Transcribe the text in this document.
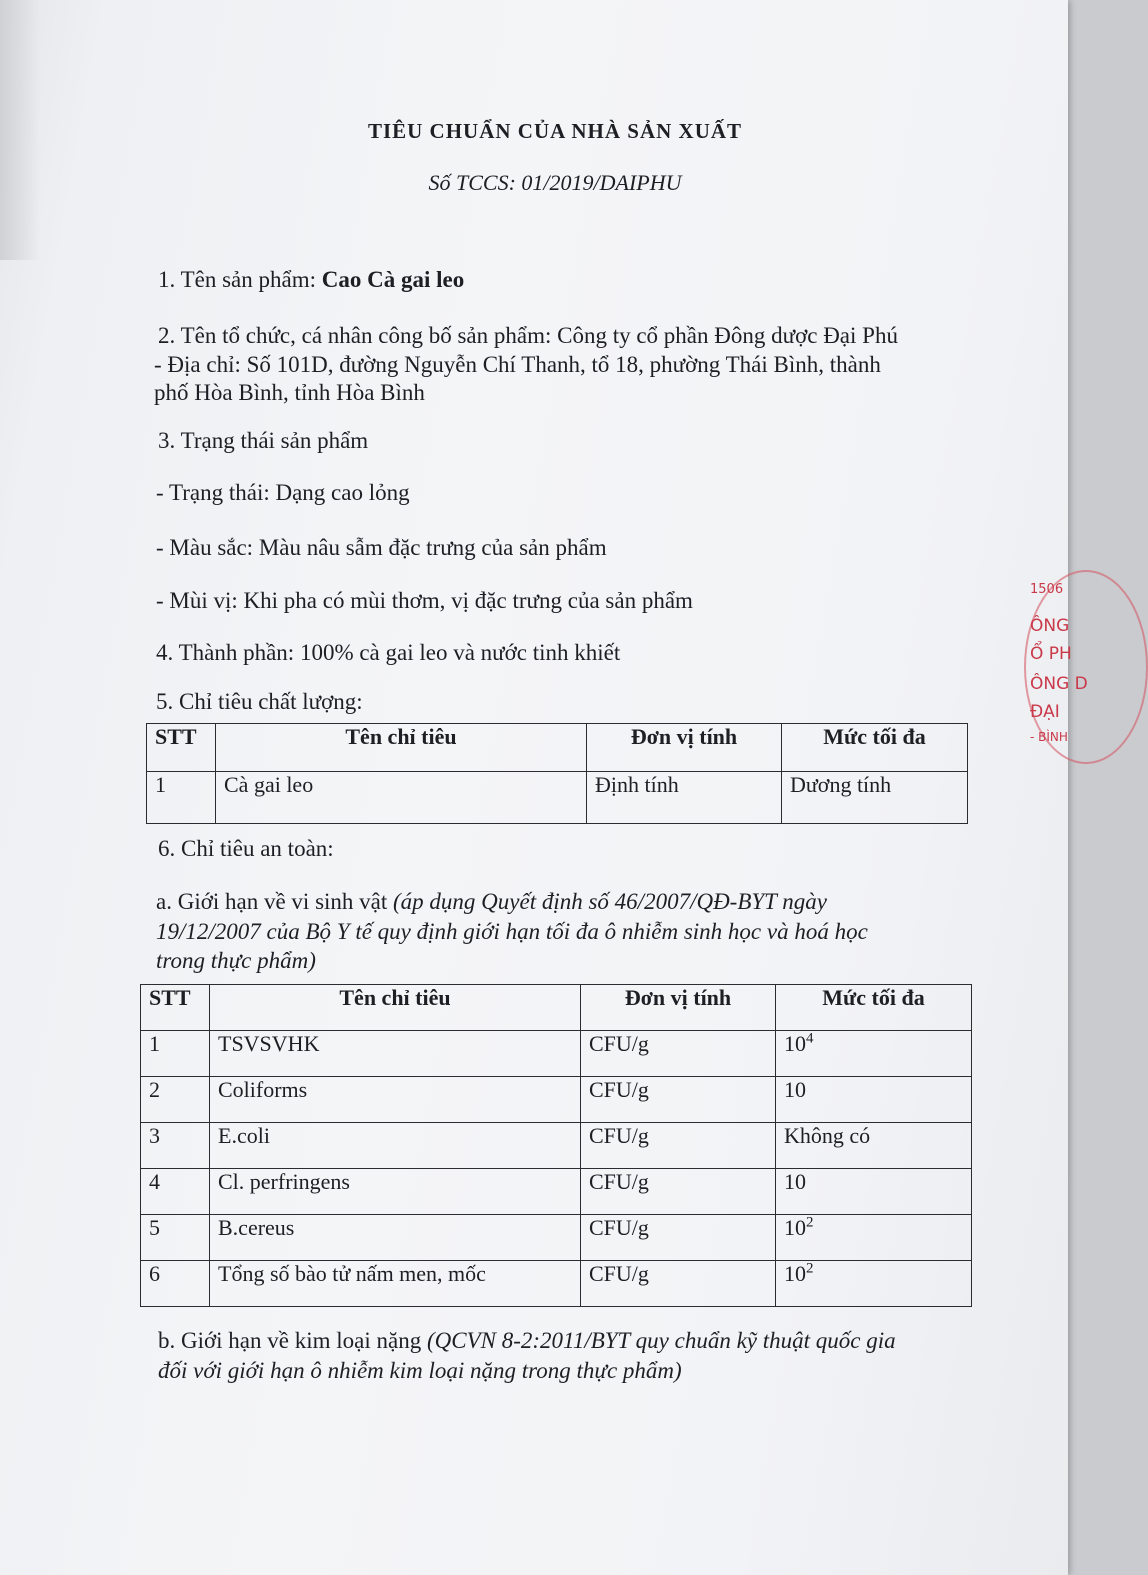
TIÊU CHUẨN CỦA NHÀ SẢN XUẤT
Số TCCS: 01/2019/DAIPHU
1. Tên sản phẩm: Cao Cà gai leo
2. Tên tổ chức, cá nhân công bố sản phẩm: Công ty cổ phần Đông dược Đại Phú
- Địa chỉ: Số 101D, đường Nguyễn Chí Thanh, tổ 18, phường Thái Bình, thành
phố Hòa Bình, tỉnh Hòa Bình
3. Trạng thái sản phẩm
- Trạng thái: Dạng cao lỏng
- Màu sắc: Màu nâu sẫm đặc trưng của sản phẩm
- Mùi vị: Khi pha có mùi thơm, vị đặc trưng của sản phẩm
4. Thành phần: 100% cà gai leo và nước tinh khiết
5. Chỉ tiêu chất lượng:
STT	Tên chỉ tiêu	Đơn vị tính	Mức tối đa
1	Cà gai leo	Định tính	Dương tính
6. Chỉ tiêu an toàn:
a. Giới hạn về vi sinh vật (áp dụng Quyết định số 46/2007/QĐ-BYT ngày
19/12/2007 của Bộ Y tế quy định giới hạn tối đa ô nhiễm sinh học và hoá học
trong thực phẩm)
STT	Tên chỉ tiêu	Đơn vị tính	Mức tối đa
1	TSVSVHK	CFU/g	$10^4$
2	Coliforms	CFU/g	10
3	E.coli	CFU/g	Không có
4	Cl. perfringens	CFU/g	10
5	B.cereus	CFU/g	$10^2$
6	Tổng số bào tử nấm men, mốc	CFU/g	$10^2$
b. Giới hạn về kim loại nặng (QCVN 8-2:2011/BYT quy chuẩn kỹ thuật quốc gia
đối với giới hạn ô nhiễm kim loại nặng trong thực phẩm)
1506
ÔNG
Ổ PH
ÔNG D
ĐẠI
- BÌNH
